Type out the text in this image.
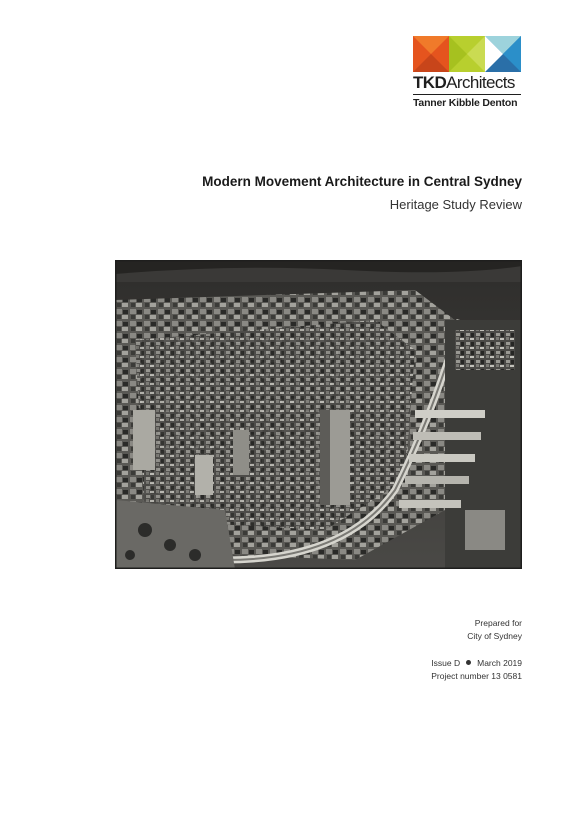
TKDArchitects
Tanner Kibble Denton
Modern Movement Architecture in Central Sydney
Heritage Study Review
Prepared for
City of Sydney
Issue D March 2019
Project number 13 0581
